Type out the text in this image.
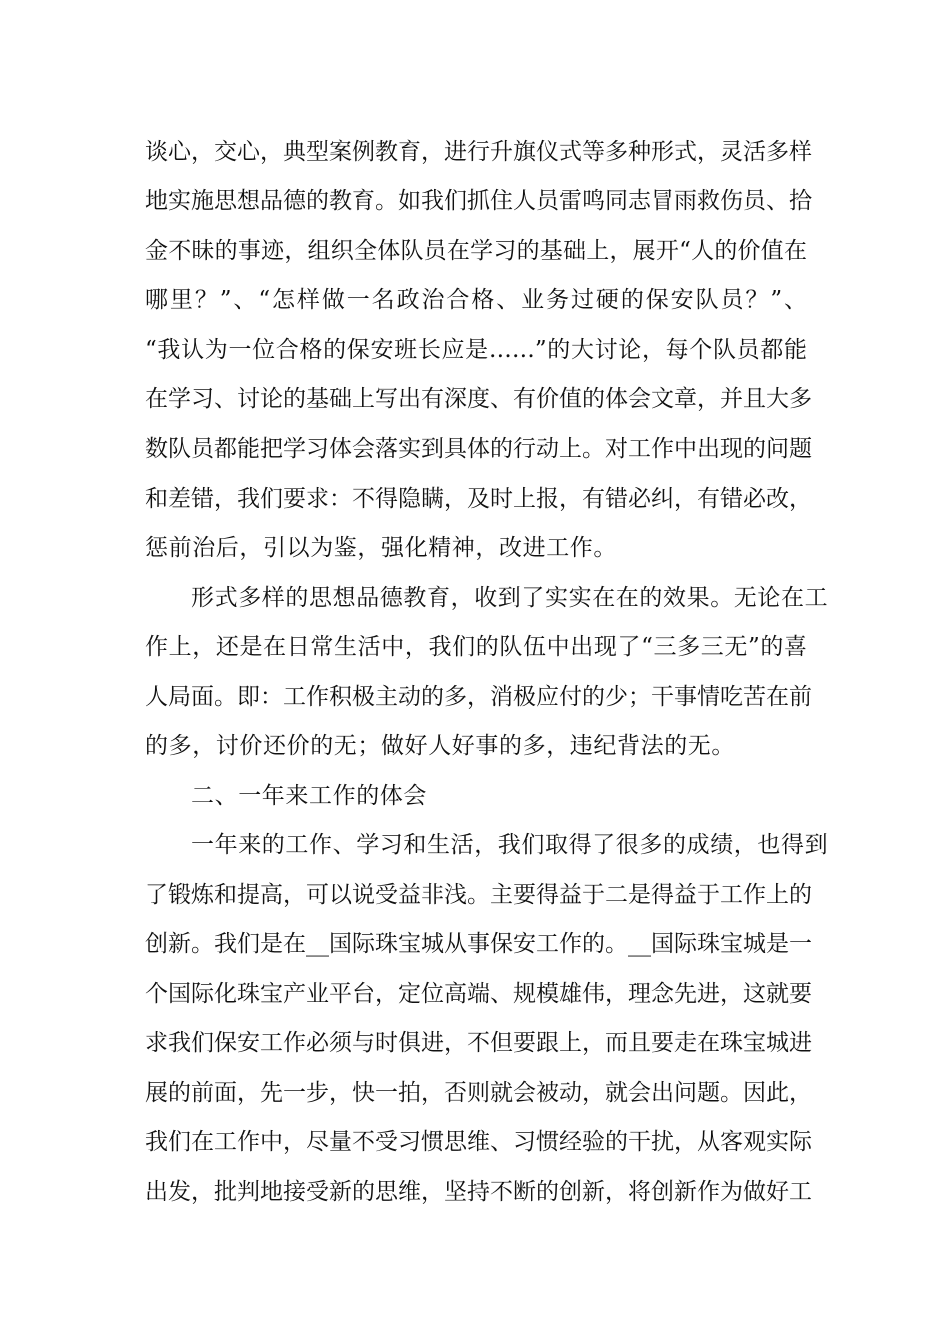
谈心，交心，典型案例教育，进行升旗仪式等多种形式，灵活多样
地实施思想品德的教育。如我们抓住人员雷鸣同志冒雨救伤员、拾
金不昧的事迹，组织全体队员在学习的基础上，展开“人的价值在
哪里？”、“怎样做一名政治合格、业务过硬的保安队员？”、
“我认为一位合格的保安班长应是……”的大讨论，每个队员都能
在学习、讨论的基础上写出有深度、有价值的体会文章，并且大多
数队员都能把学习体会落实到具体的行动上。对工作中出现的问题
和差错，我们要求：不得隐瞒，及时上报，有错必纠，有错必改，
惩前治后，引以为鉴，强化精神，改进工作。
形式多样的思想品德教育，收到了实实在在的效果。无论在工
作上，还是在日常生活中，我们的队伍中出现了“三多三无”的喜
人局面。即：工作积极主动的多，消极应付的少；干事情吃苦在前
的多，讨价还价的无；做好人好事的多，违纪背法的无。
二、一年来工作的体会
一年来的工作、学习和生活，我们取得了很多的成绩，也得到
了锻炼和提高，可以说受益非浅。主要得益于二是得益于工作上的
创新。我们是在__国际珠宝城从事保安工作的。__国际珠宝城是一
个国际化珠宝产业平台，定位高端、规模雄伟，理念先进，这就要
求我们保安工作必须与时俱进，不但要跟上，而且要走在珠宝城进
展的前面，先一步，快一拍，否则就会被动，就会出问题。因此，
我们在工作中，尽量不受习惯思维、习惯经验的干扰，从客观实际
出发，批判地接受新的思维，坚持不断的创新，将创新作为做好工
